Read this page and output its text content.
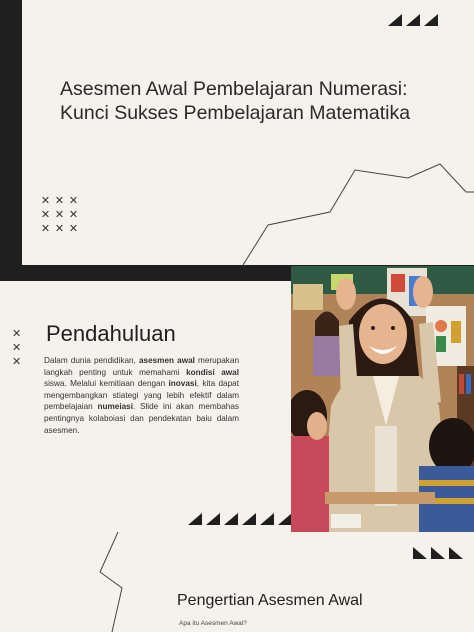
Asesmen Awal Pembelajaran Numerasi:
Kunci Sukses Pembelajaran Matematika
✕ ✕ ✕
✕ ✕ ✕
✕ ✕ ✕
✕
✕
✕
Pendahuluan

Dalam dunia pendidikan, asesmen awal merupakan langkah penting untuk memahami kondisi awal siswa. Melalui kemitiaan dengan inovasi, kita dapat mengembangkan stiategi yang lebih efektif dalam pembelajaian numeiasi. Slide ini akan membahas pentingnya kolaboiasi dan pendekatan baiu dalam asesmen.

Pengertian Asesmen Awal
Apa itu Asesmen Awal?
